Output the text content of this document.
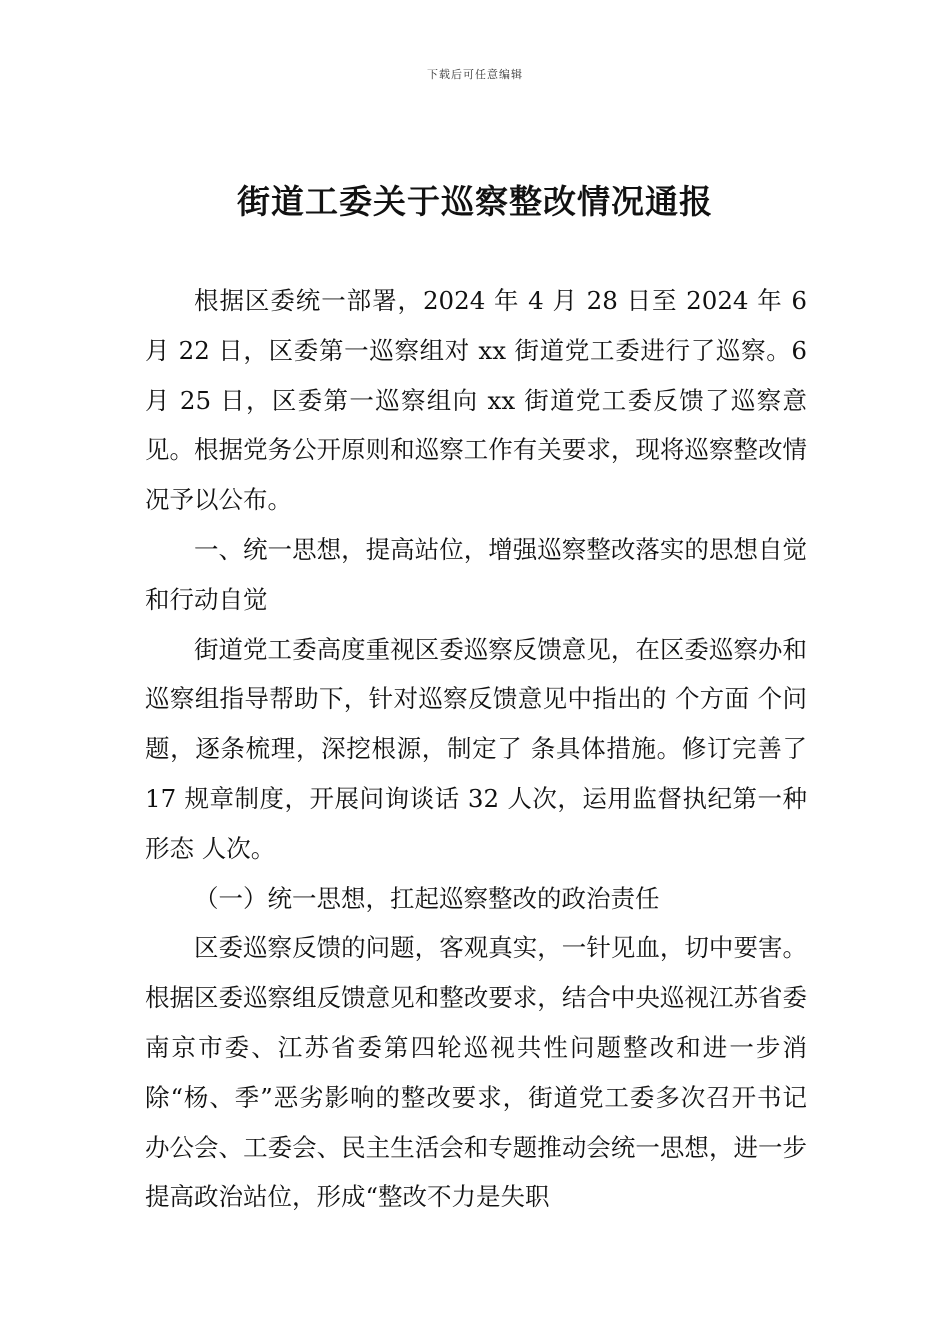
下载后可任意编辑
街道工委关于巡察整改情况通报

根据区委统一部署，2024 年 4 月 28 日至 2024 年 6 月 22 日，区委第一巡察组对 xx 街道党工委进行了巡察。6 月 25 日，区委第一巡察组向 xx 街道党工委反馈了巡察意见。根据党务公开原则和巡察工作有关要求，现将巡察整改情况予以公布。

一、统一思想，提高站位，增强巡察整改落实的思想自觉和行动自觉

街道党工委高度重视区委巡察反馈意见，在区委巡察办和巡察组指导帮助下，针对巡察反馈意见中指出的 个方面 个问题，逐条梳理，深挖根源，制定了 条具体措施。修订完善了 17 规章制度，开展问询谈话 32 人次，运用监督执纪第一种形态 人次。

（一）统一思想，扛起巡察整改的政治责任

区委巡察反馈的问题，客观真实，一针见血，切中要害。根据区委巡察组反馈意见和整改要求，结合中央巡视江苏省委南京市委、江苏省委第四轮巡视共性问题整改和进一步消除“杨、季”恶劣影响的整改要求，街道党工委多次召开书记办公会、工委会、民主生活会和专题推动会统一思想，进一步提高政治站位，形成“整改不力是失职
